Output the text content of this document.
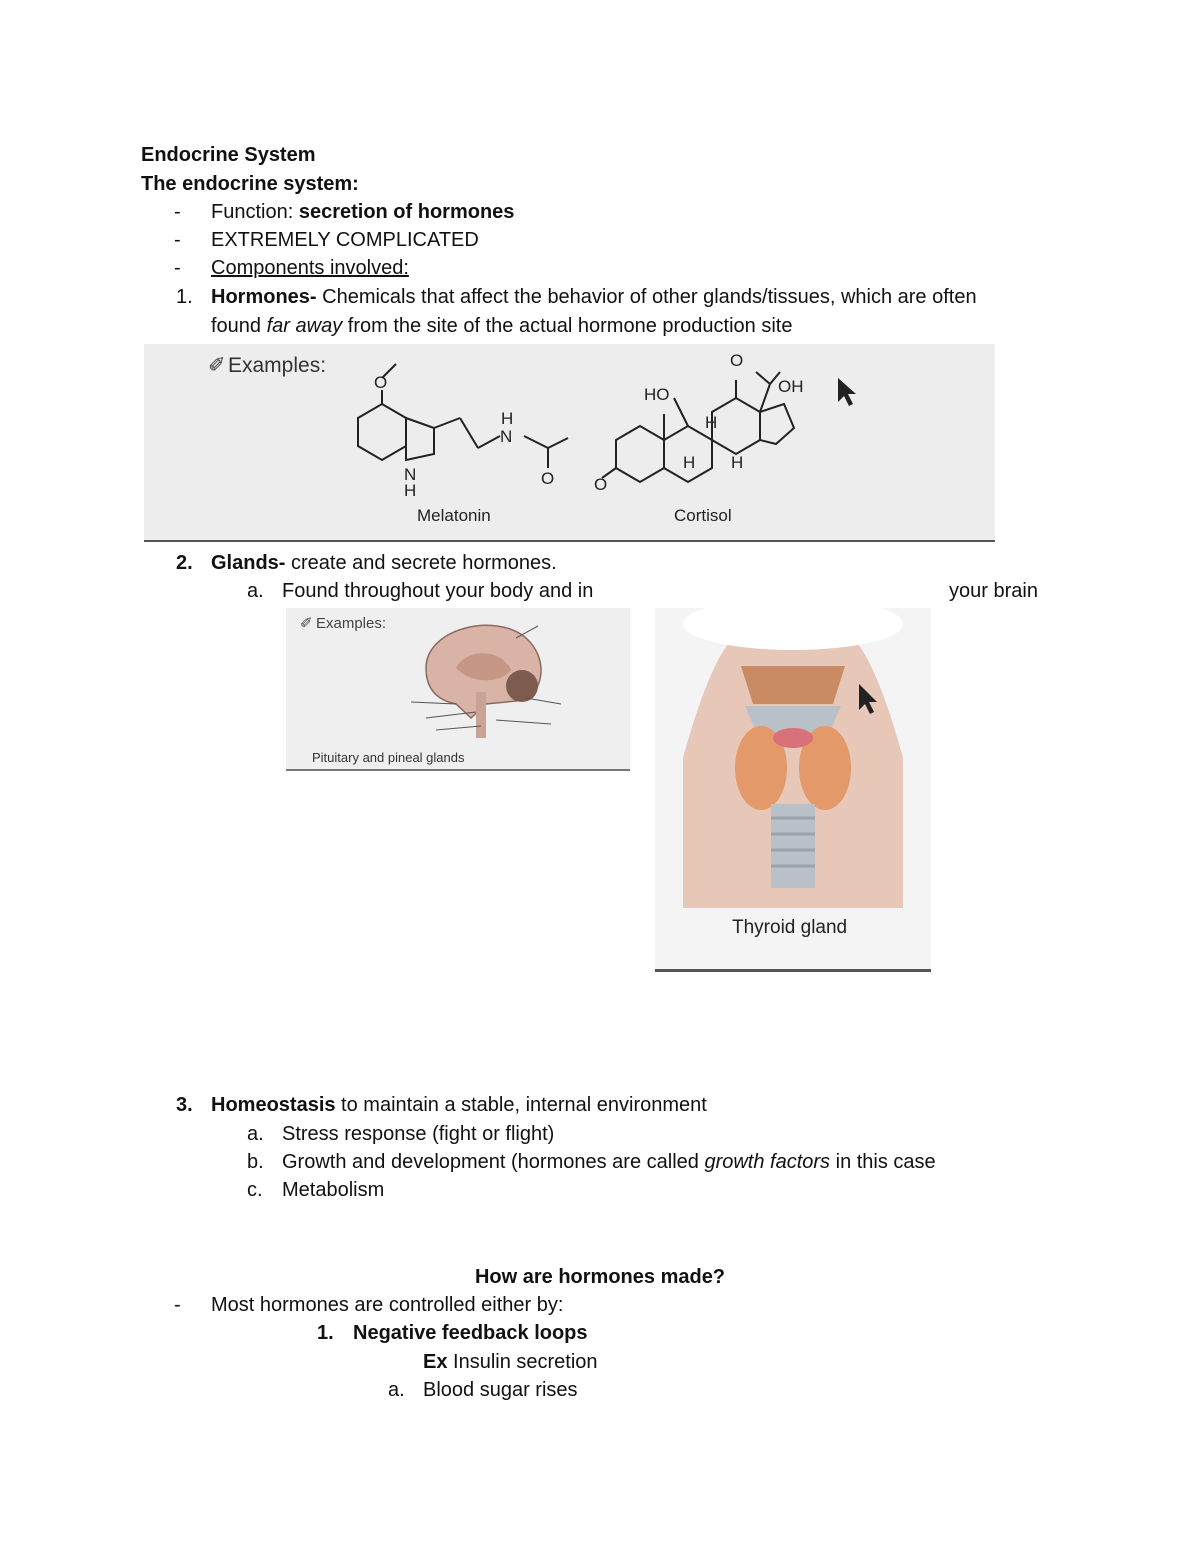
Endocrine System
The endocrine system:
- Function: secretion of hormones
- EXTREMELY COMPLICATED
- Components involved:
1. Hormones- Chemicals that affect the behavior of other glands/tissues, which are often
found far away from the site of the actual hormone production site
✐ Examples:
O
N
H
O
N
H
Melatonin
O
O
HO	OH
H
H H
Cortisol
2. Glands- create and secrete hormones.
a. Found throughout your body and in	your brain
✐ Examples:
Pituitary and pineal glands
Thyroid gland
3. Homeostasis to maintain a stable, internal environment
a. Stress response (fight or flight)
b. Growth and development (hormones are called growth factors in this case
c. Metabolism
How are hormones made?
- Most hormones are controlled either by:
1. Negative feedback loops
Ex Insulin secretion
a. Blood sugar rises
